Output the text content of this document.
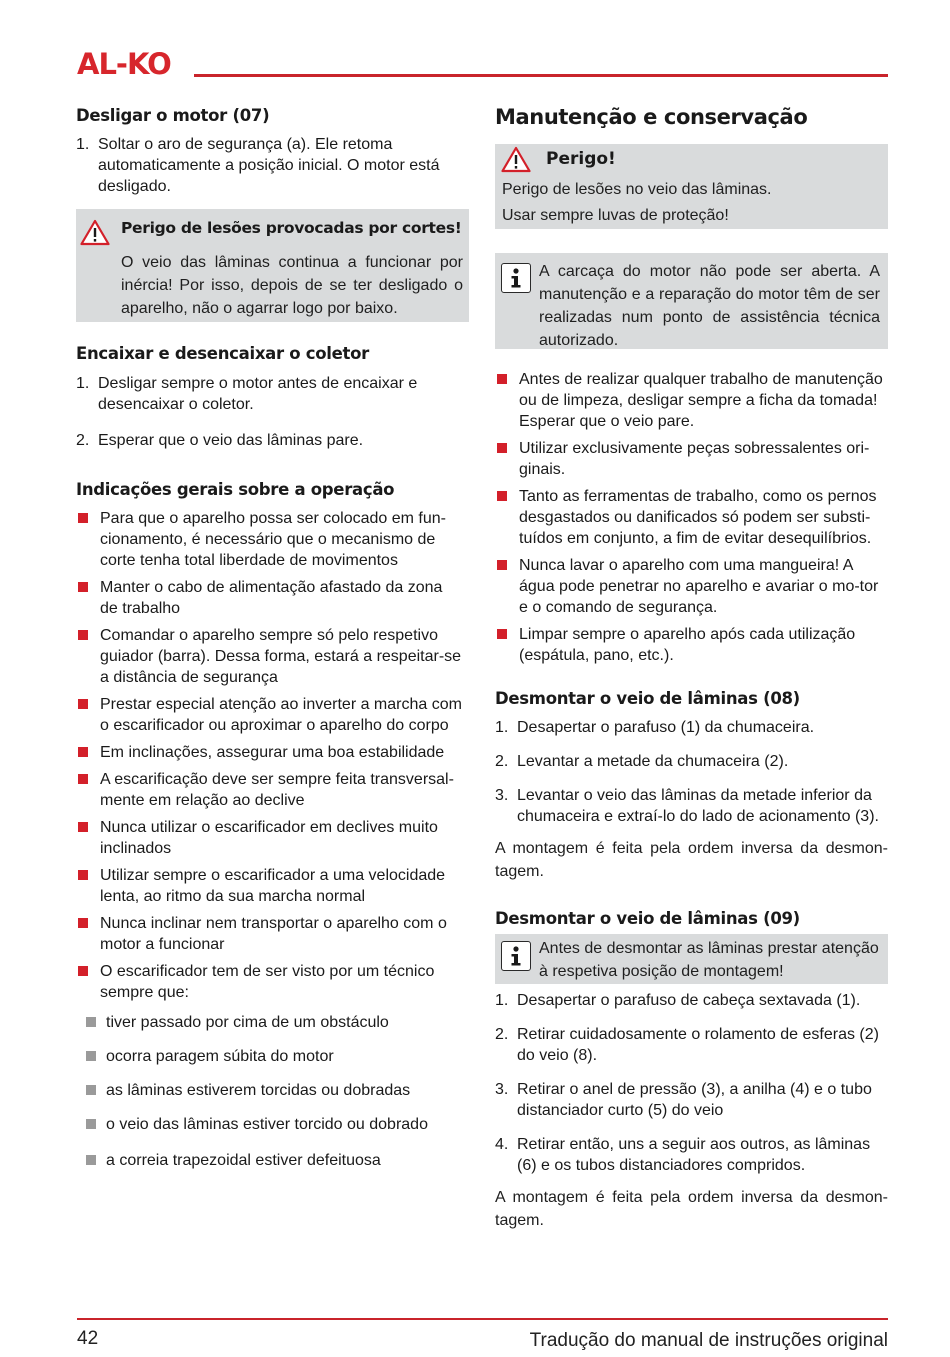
AL-KO
Desligar o motor (07)
1. Soltar o aro de segurança (a). Ele retoma automaticamente a posição inicial. O motor está desligado.
Perigo de lesões provocadas por cortes!
O veio das lâminas continua a funcionar por inércia! Por isso, depois de se ter desligado o aparelho, não o agarrar logo por baixo.
Encaixar e desencaixar o coletor
1. Desligar sempre o motor antes de encaixar e desencaixar o coletor.
2. Esperar que o veio das lâminas pare.
Indicações gerais sobre a operação
Para que o aparelho possa ser colocado em fun-cionamento, é necessário que o mecanismo de corte tenha total liberdade de movimentos
Manter o cabo de alimentação afastado da zona de trabalho
Comandar o aparelho sempre só pelo respetivo guiador (barra). Dessa forma, estará a respeitar-se a distância de segurança
Prestar especial atenção ao inverter a marcha com o escarificador ou aproximar o aparelho do corpo
Em inclinações, assegurar uma boa estabilidade
A escarificação deve ser sempre feita transversal-mente em relação ao declive
Nunca utilizar o escarificador em declives muito inclinados
Utilizar sempre o escarificador a uma velocidade lenta, ao ritmo da sua marcha normal
Nunca inclinar nem transportar o aparelho com o motor a funcionar
O escarificador tem de ser visto por um técnico sempre que:
tiver passado por cima de um obstáculo
ocorra paragem súbita do motor
as lâminas estiverem torcidas ou dobradas
o veio das lâminas estiver torcido ou dobrado
a correia trapezoidal estiver defeituosa
Manutenção e conservação
Perigo!
Perigo de lesões no veio das lâminas.
Usar sempre luvas de proteção!
A carcaça do motor não pode ser aberta. A manutenção e a reparação do motor têm de ser realizadas num ponto de assistência técnica autorizado.
Antes de realizar qualquer trabalho de manutenção ou de limpeza, desligar sempre a ficha da tomada! Esperar que o veio pare.
Utilizar exclusivamente peças sobressalentes ori-ginais.
Tanto as ferramentas de trabalho, como os pernos desgastados ou danificados só podem ser substi-tuídos em conjunto, a fim de evitar desequilíbrios.
Nunca lavar o aparelho com uma mangueira! A água pode penetrar no aparelho e avariar o mo-tor e o comando de segurança.
Limpar sempre o aparelho após cada utilização (espátula, pano, etc.).
Desmontar o veio de lâminas (08)
1. Desapertar o parafuso (1) da chumaceira.
2. Levantar a metade da chumaceira (2).
3. Levantar o veio das lâminas da metade inferior da chumaceira e extraí-lo do lado de acionamento (3).

A montagem é feita pela ordem inversa da desmon-tagem.

Desmontar o veio de lâminas (09)
Antes de desmontar as lâminas prestar atenção à respetiva posição de montagem!
1. Desapertar o parafuso de cabeça sextavada (1).
2. Retirar cuidadosamente o rolamento de esferas (2) do veio (8).
3. Retirar o anel de pressão (3), a anilha (4) e o tubo distanciador curto (5) do veio
4. Retirar então, uns a seguir aos outros, as lâminas (6) e os tubos distanciadores compridos.

A montagem é feita pela ordem inversa da desmon-tagem.

42	Tradução do manual de instruções original
